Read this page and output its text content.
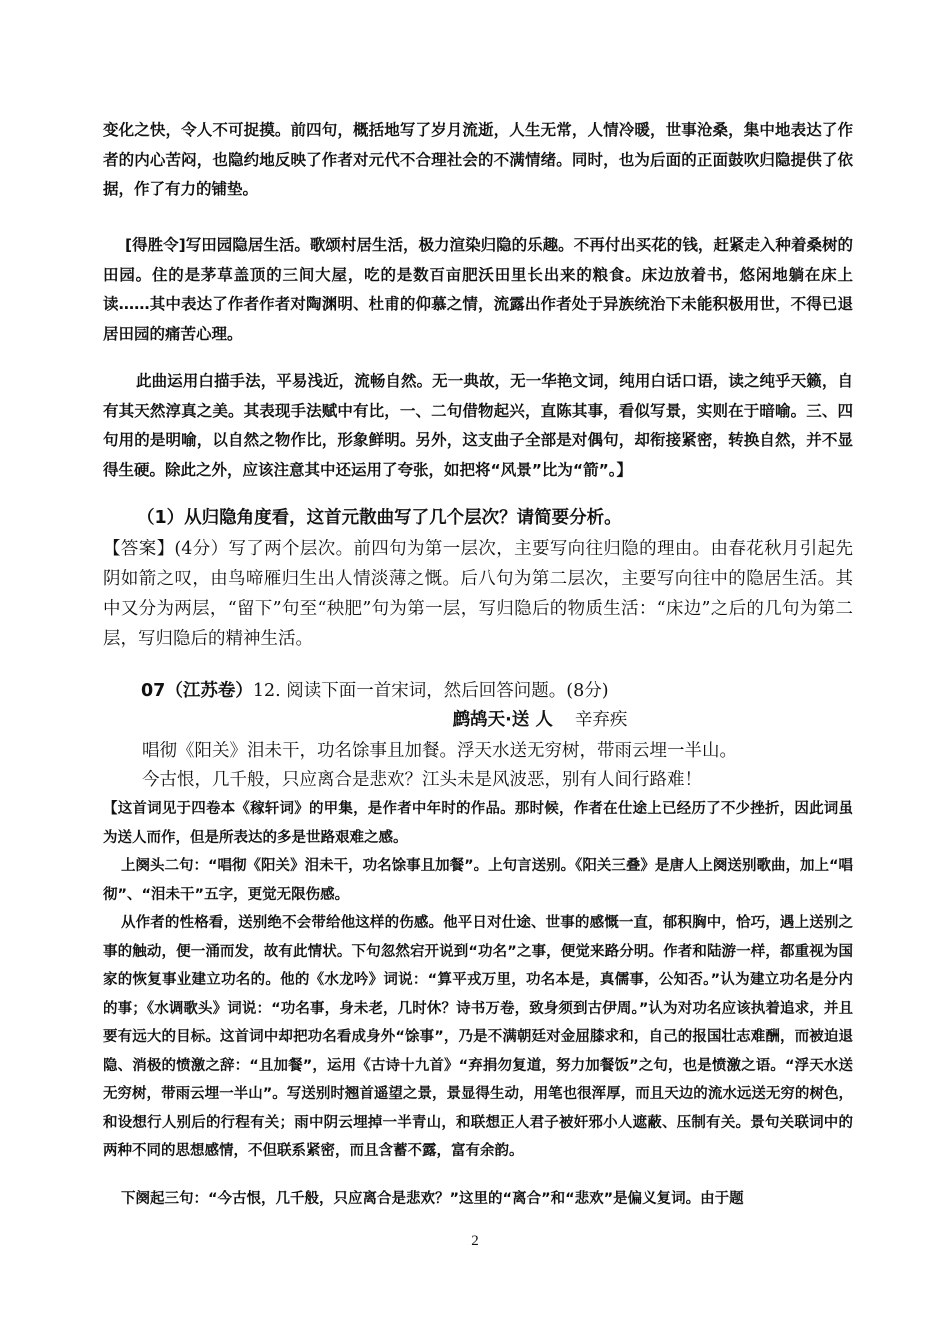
变化之快，令人不可捉摸。前四句，概括地写了岁月流逝，人生无常，人情冷暖，世事沧桑，集中地表达了作者的内心苦闷，也隐约地反映了作者对元代不合理社会的不满情绪。同时，也为后面的正面鼓吹归隐提供了依据，作了有力的铺垫。

[得胜令]写田园隐居生活。歌颂村居生活，极力渲染归隐的乐趣。不再付出买花的钱，赶紧走入种着桑树的田园。住的是茅草盖顶的三间大屋，吃的是数百亩肥沃田里长出来的粮食。床边放着书，悠闲地躺在床上读……其中表达了作者作者对陶渊明、杜甫的仰慕之情，流露出作者处于异族统治下未能积极用世，不得已退居田园的痛苦心理。

此曲运用白描手法，平易浅近，流畅自然。无一典故，无一华艳文词，纯用白话口语，读之纯乎天籁，自有其天然淳真之美。其表现手法赋中有比，一、二句借物起兴，直陈其事，看似写景，实则在于暗喻。三、四句用的是明喻，以自然之物作比，形象鲜明。另外，这支曲子全部是对偶句，却衔接紧密，转换自然，并不显得生硬。除此之外，应该注意其中还运用了夸张，如把将“风景”比为“箭”。】

（1）从归隐角度看，这首元散曲写了几个层次？请简要分析。

【答案】(4分）写了两个层次。前四句为第一层次，主要写向往归隐的理由。由春花秋月引起先阴如箭之叹，由鸟啼雁归生出人情淡薄之慨。后八句为第二层次，主要写向往中的隐居生活。其中又分为两层，“留下”句至“秧肥”句为第一层，写归隐后的物质生活：“床边”之后的几句为第二层，写归隐后的精神生活。

07（江苏卷）12. 阅读下面一首宋词，然后回答问题。(8分)
鹧鸪天·送 人 辛弃疾

唱彻《阳关》泪未干，功名馀事且加餐。浮天水送无穷树，带雨云埋一半山。

今古恨，几千般，只应离合是悲欢？江头未是风波恶，别有人间行路难！

【这首词见于四卷本《稼轩词》的甲集，是作者中年时的作品。那时候，作者在仕途上已经历了不少挫折，因此词虽为送人而作，但是所表达的多是世路艰难之感。

上阕头二句：“唱彻《阳关》泪未干，功名馀事且加餐”。上句言送别。《阳关三叠》是唐人上阕送别歌曲，加上“唱彻”、“泪未干”五字，更觉无限伤感。

从作者的性格看，送别绝不会带给他这样的伤感。他平日对仕途、世事的感慨一直，郁积胸中，恰巧，遇上送别之事的触动，便一涌而发，故有此情状。下句忽然宕开说到“功名”之事，便觉来路分明。作者和陆游一样，都重视为国家的恢复事业建立功名的。他的《水龙吟》词说：“算平戎万里，功名本是，真儒事，公知否。”认为建立功名是分内的事；《水调歌头》词说：“功名事，身未老，几时休？诗书万卷，致身须到古伊周。”认为对功名应该执着追求，并且要有远大的目标。这首词中却把功名看成身外“馀事”，乃是不满朝廷对金屈膝求和，自己的报国壮志难酬，而被迫退隐、消极的愤激之辞：“且加餐”，运用《古诗十九首》“弃捐勿复道，努力加餐饭”之句，也是愤激之语。“浮天水送无穷树，带雨云埋一半山”。写送别时翘首遥望之景，景显得生动，用笔也很浑厚，而且天边的流水远送无穷的树色，和设想行人别后的行程有关；雨中阴云埋掉一半青山，和联想正人君子被奸邪小人遮蔽、压制有关。景句关联词中的两种不同的思想感情，不但联系紧密，而且含蓄不露，富有余韵。

下阕起三句：“今古恨，几千般，只应离合是悲欢？”这里的“离合”和“悲欢”是偏义复词。由于题

2
